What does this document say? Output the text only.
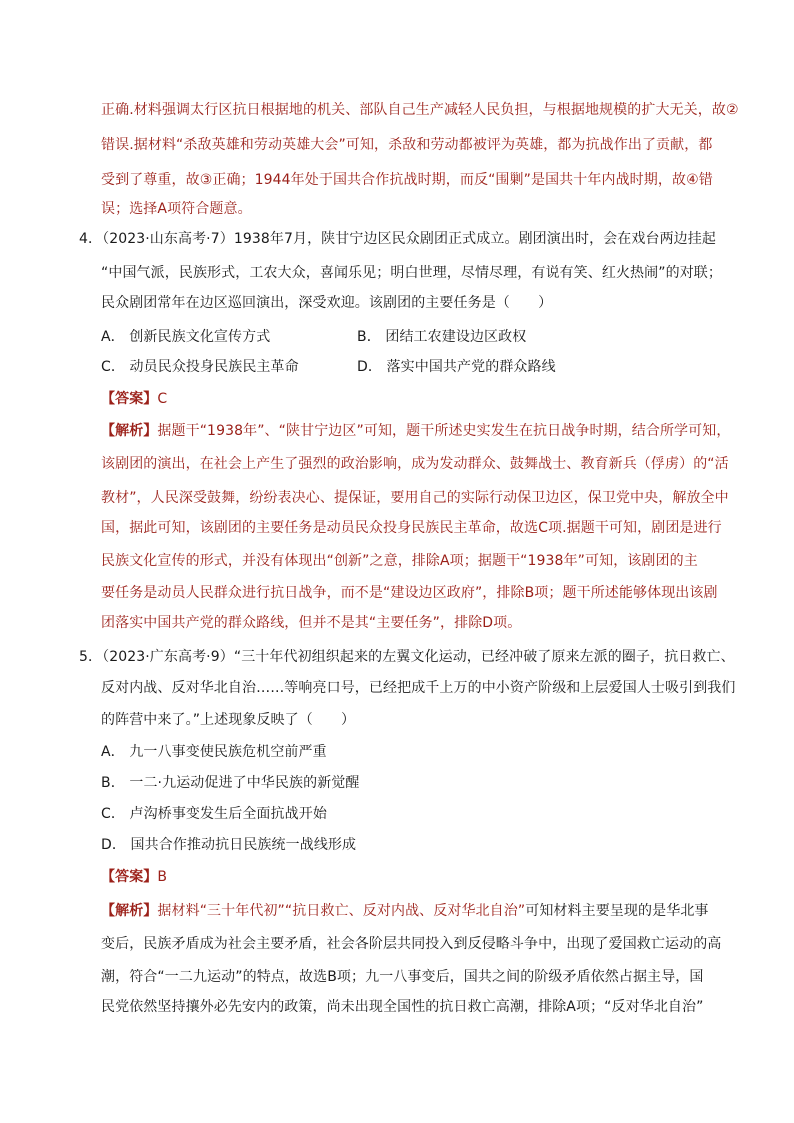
正确.材料强调太行区抗日根据地的机关、部队自己生产减轻人民负担，与根据地规模的扩大无关，故②
错误.据材料“杀敌英雄和劳动英雄大会”可知，杀敌和劳动都被评为英雄，都为抗战作出了贡献，都
受到了尊重，故③正确；1944年处于国共合作抗战时期，而反“围剿”是国共十年内战时期，故④错
误；选择A项符合题意。
4．（2023·山东高考·7）1938年7月，陕甘宁边区民众剧团正式成立。剧团演出时，会在戏台两边挂起
“中国气派，民族形式，工农大众，喜闻乐见；明白世理，尽情尽理，有说有笑、红火热闹”的对联；
民众剧团常年在边区巡回演出，深受欢迎。该剧团的主要任务是（　　）
A． 创新民族文化宣传方式	B． 团结工农建设边区政权
C． 动员民众投身民族民主革命	D． 落实中国共产党的群众路线
【答案】C
【解析】据题干“1938年”、“陕甘宁边区”可知，题干所述史实发生在抗日战争时期，结合所学可知，
该剧团的演出，在社会上产生了强烈的政治影响，成为发动群众、鼓舞战士、教育新兵（俘虏）的“活
教材”，人民深受鼓舞，纷纷表决心、提保证，要用自己的实际行动保卫边区，保卫党中央，解放全中
国，据此可知，该剧团的主要任务是动员民众投身民族民主革命，故选C项.据题干可知，剧团是进行
民族文化宣传的形式，并没有体现出“创新”之意，排除A项；据题干“1938年”可知，该剧团的主
要任务是动员人民群众进行抗日战争，而不是“建设边区政府”，排除B项；题干所述能够体现出该剧
团落实中国共产党的群众路线，但并不是其“主要任务”，排除D项。
5．（2023·广东高考·9）“三十年代初组织起来的左翼文化运动，已经冲破了原来左派的圈子，抗日救亡、
反对内战、反对华北自治……等响亮口号，已经把成千上万的中小资产阶级和上层爱国人士吸引到我们
的阵营中来了。”上述现象反映了（　　）
A． 九一八事变使民族危机空前严重
B． 一二·九运动促进了中华民族的新觉醒
C． 卢沟桥事变发生后全面抗战开始
D． 国共合作推动抗日民族统一战线形成
【答案】B
【解析】据材料“三十年代初”“抗日救亡、反对内战、反对华北自治”可知材料主要呈现的是华北事
变后，民族矛盾成为社会主要矛盾，社会各阶层共同投入到反侵略斗争中，出现了爱国救亡运动的高
潮，符合“一二九运动”的特点，故选B项；九一八事变后，国共之间的阶级矛盾依然占据主导，国
民党依然坚持攘外必先安内的政策，尚未出现全国性的抗日救亡高潮，排除A项；“反对华北自治”
